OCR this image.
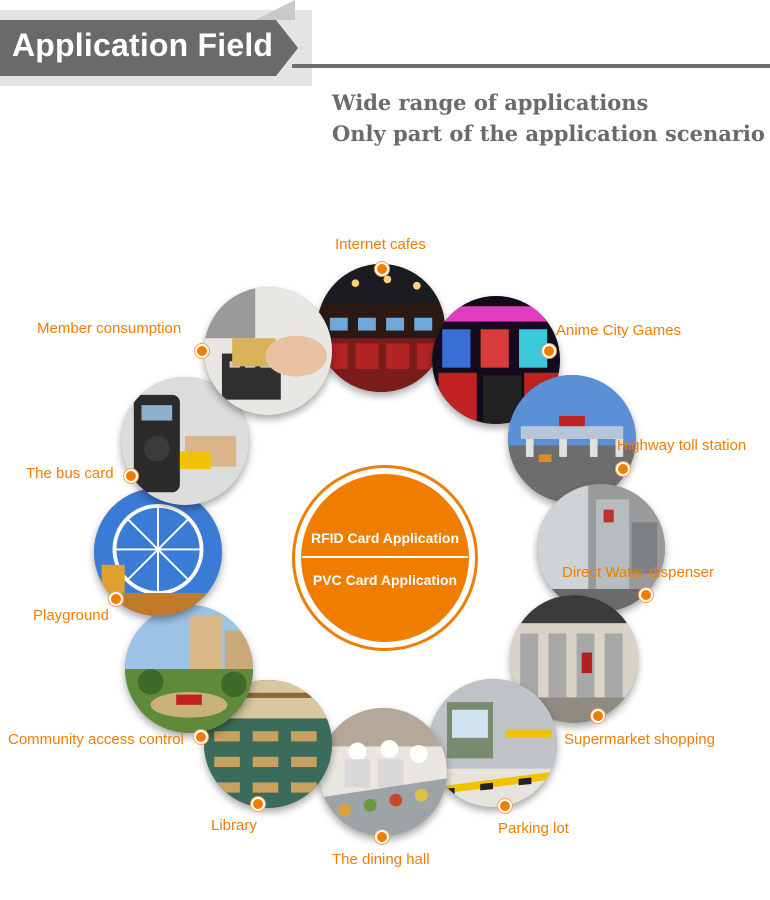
Application Field
Wide range of applications
Only part of the application scenario
RFID Card Application
PVC Card Application
Internet cafes
Anime City Games
Highway toll station
Direct Water dispenser
Supermarket shopping
Parking lot
The dining hall
Library
Community access control
Playground
The bus card
Member consumption
